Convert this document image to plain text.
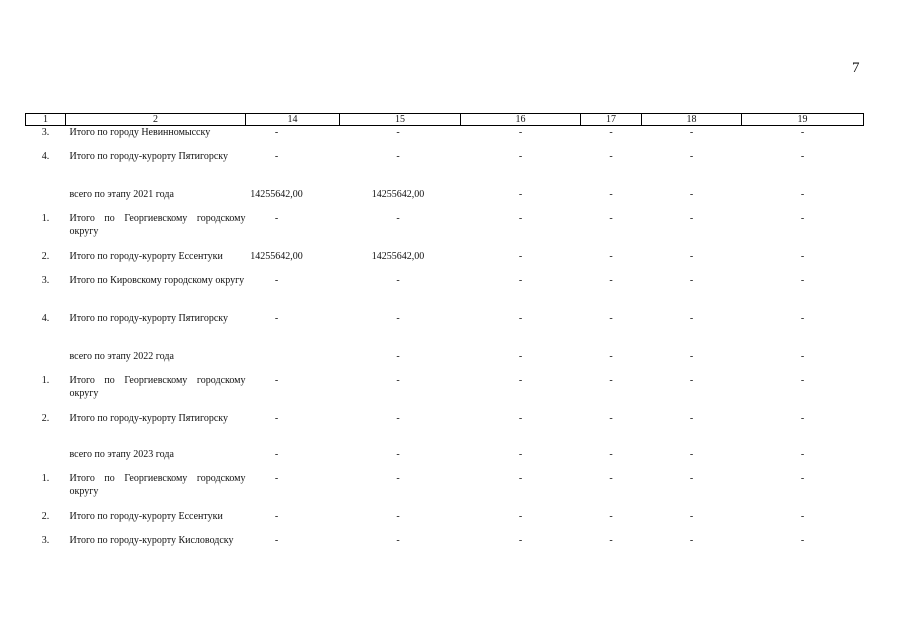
7
1	2	14	15	16	17	18	19
3.	Итого по городу Невинномысску	-	-	-	-	-	-
4.	Итого по городу-курорту Пятигорску	-	-	-	-	-	-
	всего по этапу 2021 года	14255642,00	14255642,00	-	-	-	-
1.	Итого по Георгиевскому городскому округу	-	-	-	-	-	-
2.	Итого по городу-курорту Ессентуки	14255642,00	14255642,00	-	-	-	-
3.	Итого по Кировскому городскому округу	-	-	-	-	-	-
4.	Итого по городу-курорту Пятигорску	-	-	-	-	-	-
	всего по этапу 2022 года		-	-	-	-	-
1.	Итого по Георгиевскому городскому округу	-	-	-	-	-	-
2.	Итого по городу-курорту Пятигорску	-	-	-	-	-	-
	всего по этапу 2023 года	-	-	-	-	-	-
1.	Итого по Георгиевскому городскому округу	-	-	-	-	-	-
2.	Итого по городу-курорту Ессентуки	-	-	-	-	-	-
3.	Итого по городу-курорту Кисловодску	-	-	-	-	-	-
